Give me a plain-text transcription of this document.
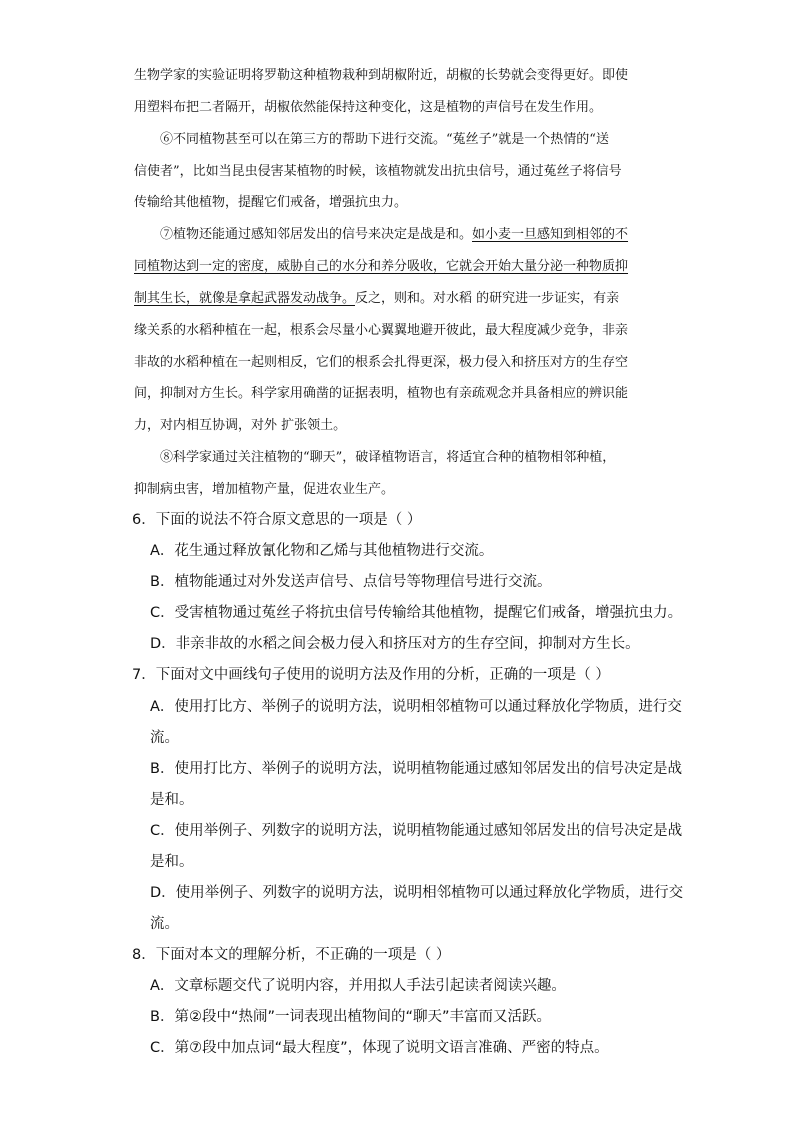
生物学家的实验证明将罗勒这种植物栽种到胡椒附近，胡椒的长势就会变得更好。即使
用塑料布把二者隔开，胡椒依然能保持这种变化，这是植物的声信号在发生作用。
⑥不同植物甚至可以在第三方的帮助下进行交流。“菟丝子”就是一个热情的“送
信使者”，比如当昆虫侵害某植物的时候，该植物就发出抗虫信号，通过菟丝子将信号
传输给其他植物，提醒它们戒备，增强抗虫力。
⑦植物还能通过感知邻居发出的信号来决定是战是和。如小麦一旦感知到相邻的不
同植物达到一定的密度，威胁自己的水分和养分吸收，它就会开始大量分泌一种物质抑
制其生长，就像是拿起武器发动战争。反之，则和。对水稻 的研究进一步证实，有亲
缘关系的水稻种植在一起，根系会尽量小心翼翼地避开彼此，最大程度减少竞争，非亲
非故的水稻种植在一起则相反，它们的根系会扎得更深，极力侵入和挤压对方的生存空
间，抑制对方生长。科学家用确凿的证据表明，植物也有亲疏观念并具备相应的辨识能
力，对内相互协调，对外 扩张领土。
⑧科学家通过关注植物的“聊天”，破译植物语言，将适宜合种的植物相邻种植，
抑制病虫害，增加植物产量，促进农业生产。
6．下面的说法不符合原文意思的一项是（ ）
A．花生通过释放氰化物和乙烯与其他植物进行交流。
B．植物能通过对外发送声信号、点信号等物理信号进行交流。
C．受害植物通过菟丝子将抗虫信号传输给其他植物，提醒它们戒备，增强抗虫力。
D．非亲非故的水稻之间会极力侵入和挤压对方的生存空间，抑制对方生长。
7．下面对文中画线句子使用的说明方法及作用的分析，正确的一项是（ ）
A．使用打比方、举例子的说明方法，说明相邻植物可以通过释放化学物质，进行交
流。
B．使用打比方、举例子的说明方法，说明植物能通过感知邻居发出的信号决定是战
是和。
C．使用举例子、列数字的说明方法，说明植物能通过感知邻居发出的信号决定是战
是和。
D．使用举例子、列数字的说明方法，说明相邻植物可以通过释放化学物质，进行交
流。
8．下面对本文的理解分析，不正确的一项是（ ）
A．文章标题交代了说明内容，并用拟人手法引起读者阅读兴趣。
B．第②段中“热闹”一词表现出植物间的“聊天”丰富而又活跃。
C．第⑦段中加点词“最大程度”，体现了说明文语言准确、严密的特点。
